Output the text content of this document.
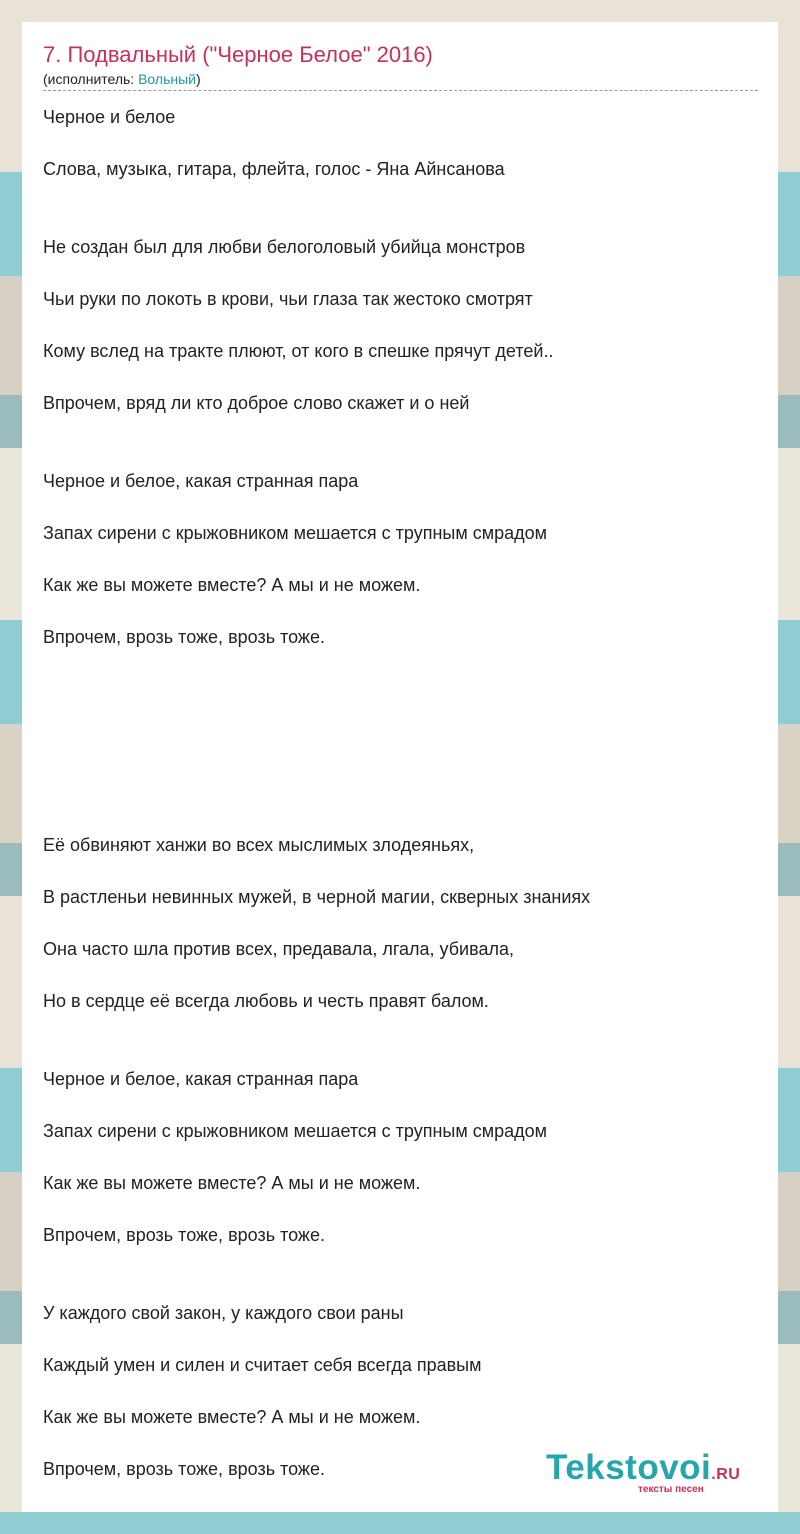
7. Подвальный ("Черное Белое" 2016)
(исполнитель: Вольный)
Черное и белое
Слова, музыка, гитара, флейта, голос - Яна Айнсанова
Не создан был для любви белоголовый убийца монстров
Чьи руки по локоть в крови, чьи глаза так жестоко смотрят
Кому вслед на тракте плюют, от кого в спешке прячут детей..
Впрочем, вряд ли кто доброе слово скажет и о ней
Черное и белое, какая странная пара
Запах сирени с крыжовником мешается с трупным смрадом
Как же вы можете вместе? А мы и не можем.
Впрочем, врозь тоже, врозь тоже.
Её обвиняют ханжи во всех мыслимых злодеяньях,
В растленьи невинных мужей, в черной магии, скверных знаниях
Она часто шла против всех, предавала, лгала, убивала,
Но в сердце её всегда любовь и честь правят балом.
Черное и белое, какая странная пара
Запах сирени с крыжовником мешается с трупным смрадом
Как же вы можете вместе? А мы и не можем.
Впрочем, врозь тоже, врозь тоже.
У каждого свой закон, у каждого свои раны
Каждый умен и силен и считает себя всегда правым
Как же вы можете вместе? А мы и не можем.
Впрочем, врозь тоже, врозь тоже.	Tekstovoi.RU
тексты песен
